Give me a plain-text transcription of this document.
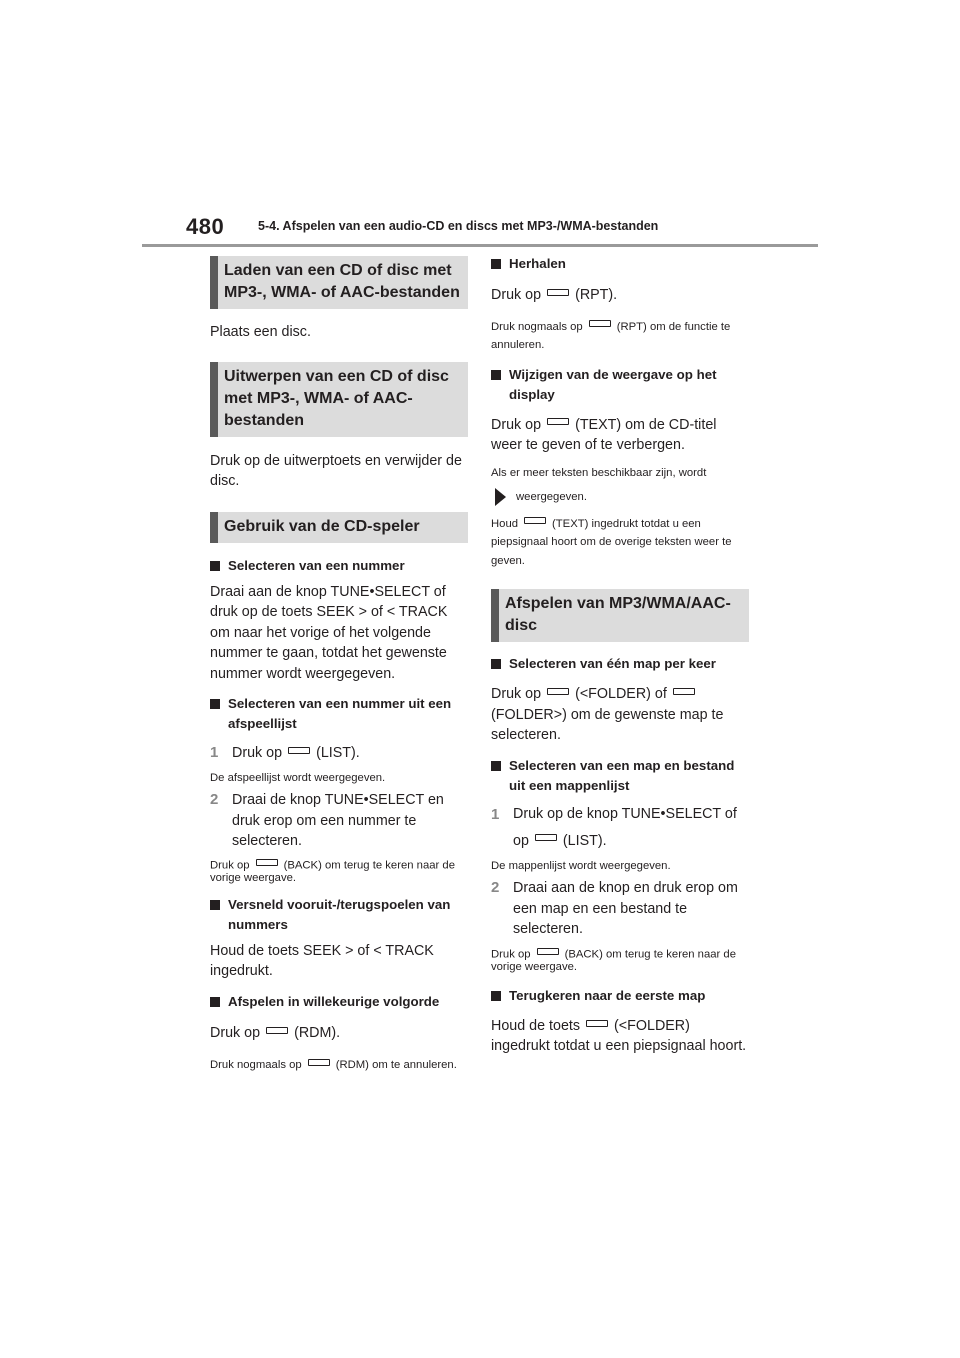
480	5-4. Afspelen van een audio-CD en discs met MP3-/WMA-bestanden
Laden van een CD of disc met MP3-, WMA- of AAC-bestanden

Plaats een disc.

Uitwerpen van een CD of disc met MP3-, WMA- of AAC-bestanden

Druk op de uitwerptoets en verwijder de disc.

Gebruik van de CD-speler
Selecteren van een nummer

Draai aan de knop TUNE•SELECT of druk op de toets SEEK > of < TRACK om naar het vorige of het volgende nummer te gaan, totdat het gewenste nummer wordt weergegeven.

Selecteren van een nummer uit een afspeellijst
1 Druk op (LIST).

De afspeellijst wordt weergegeven.

2 Draai de knop TUNE•SELECT en druk erop om een nummer te selecteren.

Druk op	(BACK) om terug te keren naar de vorige weergave.

Versneld vooruit-/terugspoelen van nummers

Houd de toets SEEK > of < TRACK ingedrukt.

Afspelen in willekeurige volgorde

Druk op (RDM).

Druk nogmaals op	(RDM) om te annuleren.

Herhalen

Druk op (RPT).

Druk nogmaals op	(RPT) om de functie te annuleren.

Wijzigen van de weergave op het display

Druk op (TEXT) om de CD-titel weer te geven of te verbergen.

Als er meer teksten beschikbaar zijn, wordt

weergegeven.

Houd	(TEXT) ingedrukt totdat u een piepsignaal hoort om de overige teksten weer te geven.

Afspelen van MP3/WMA/AAC-disc
Selecteren van één map per keer

Druk op (<FOLDER) of(FOLDER>) om de gewenste map te selecteren.

Selecteren van een map en bestand uit een mappenlijst
1 Druk op de knop TUNE•SELECT of op (LIST).

De mappenlijst wordt weergegeven.

2 Draai aan de knop en druk erop om een map en een bestand te selecteren.

Druk op	(BACK) om terug te keren naar de vorige weergave.

Terugkeren naar de eerste map

Houd de toets (<FOLDER) ingedrukt totdat u een piepsignaal hoort.
